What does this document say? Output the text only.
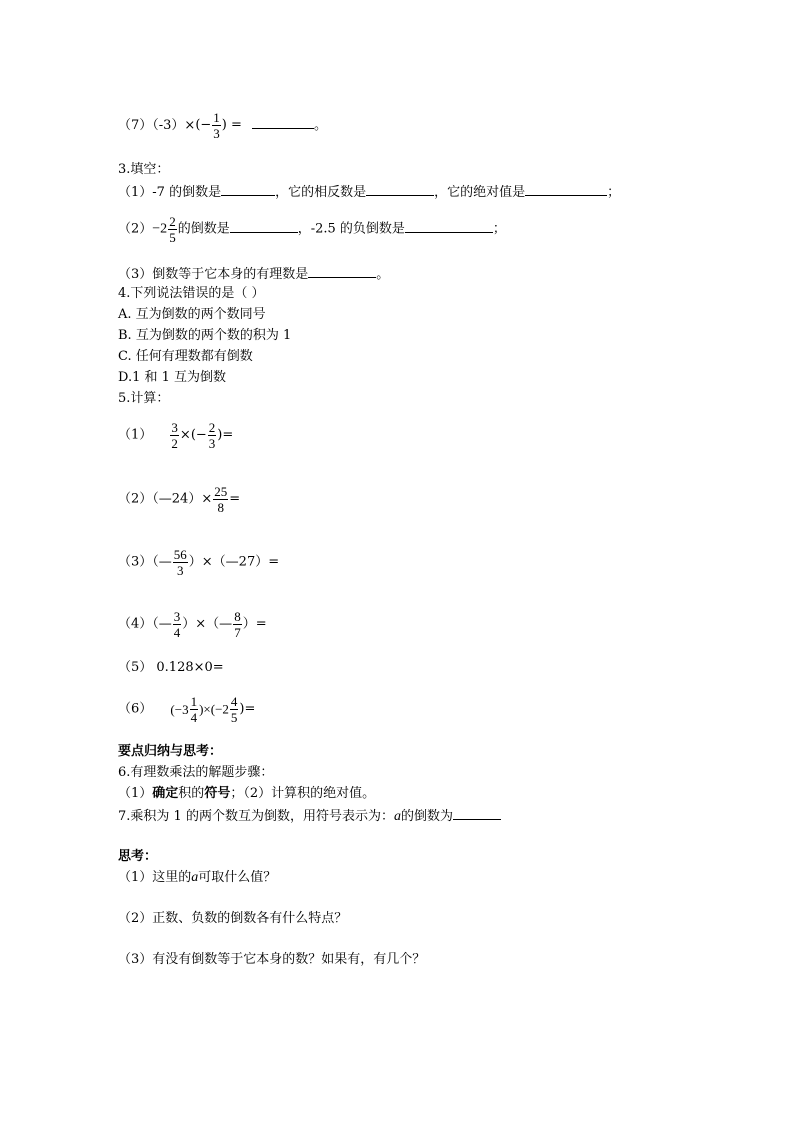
$(7)(-3)\times(- \frac{1}{3}$ ) =	。
3.填空：
（1）-7 的倒数是	，它的相反数是	，它的绝对值是	；
$(2)-2 \frac{2}{5}$ 的倒数是	，-2.5 的负倒数是	；
（3）倒数等于它本身的有理数是	。
4.下列说法错误的是（ ）
A. 互为倒数的两个数同号
B. 互为倒数的两个数的积为 1
C. 任何有理数都有倒数
D.1 和 1 互为倒数
5.计算：
$(1) \frac{3}{2}$ ×(− $\frac{2}{3}$ )=
（2）（—24）× $\frac{25}{8}$ =
（3）（— $\frac{56}{3}$ ）×（—27）=
（4）（— $\frac{3}{4}$ ）×（— $\frac{8}{7}$ ）=
（5） 0.128×0=
（6） $(-3 \frac{1}{4} )\times(-2 \frac{4}{5}$ )=
要点归纳与思考：
6.有理数乘法的解题步骤：
（1）确定积的符号；（2）计算积的绝对值。
7.乘积为 1 的两个数互为倒数，用符号表示为：a的倒数为
思考：
（1）这里的a可取什么值？
（2）正数、负数的倒数各有什么特点？
（3）有没有倒数等于它本身的数？如果有，有几个？
